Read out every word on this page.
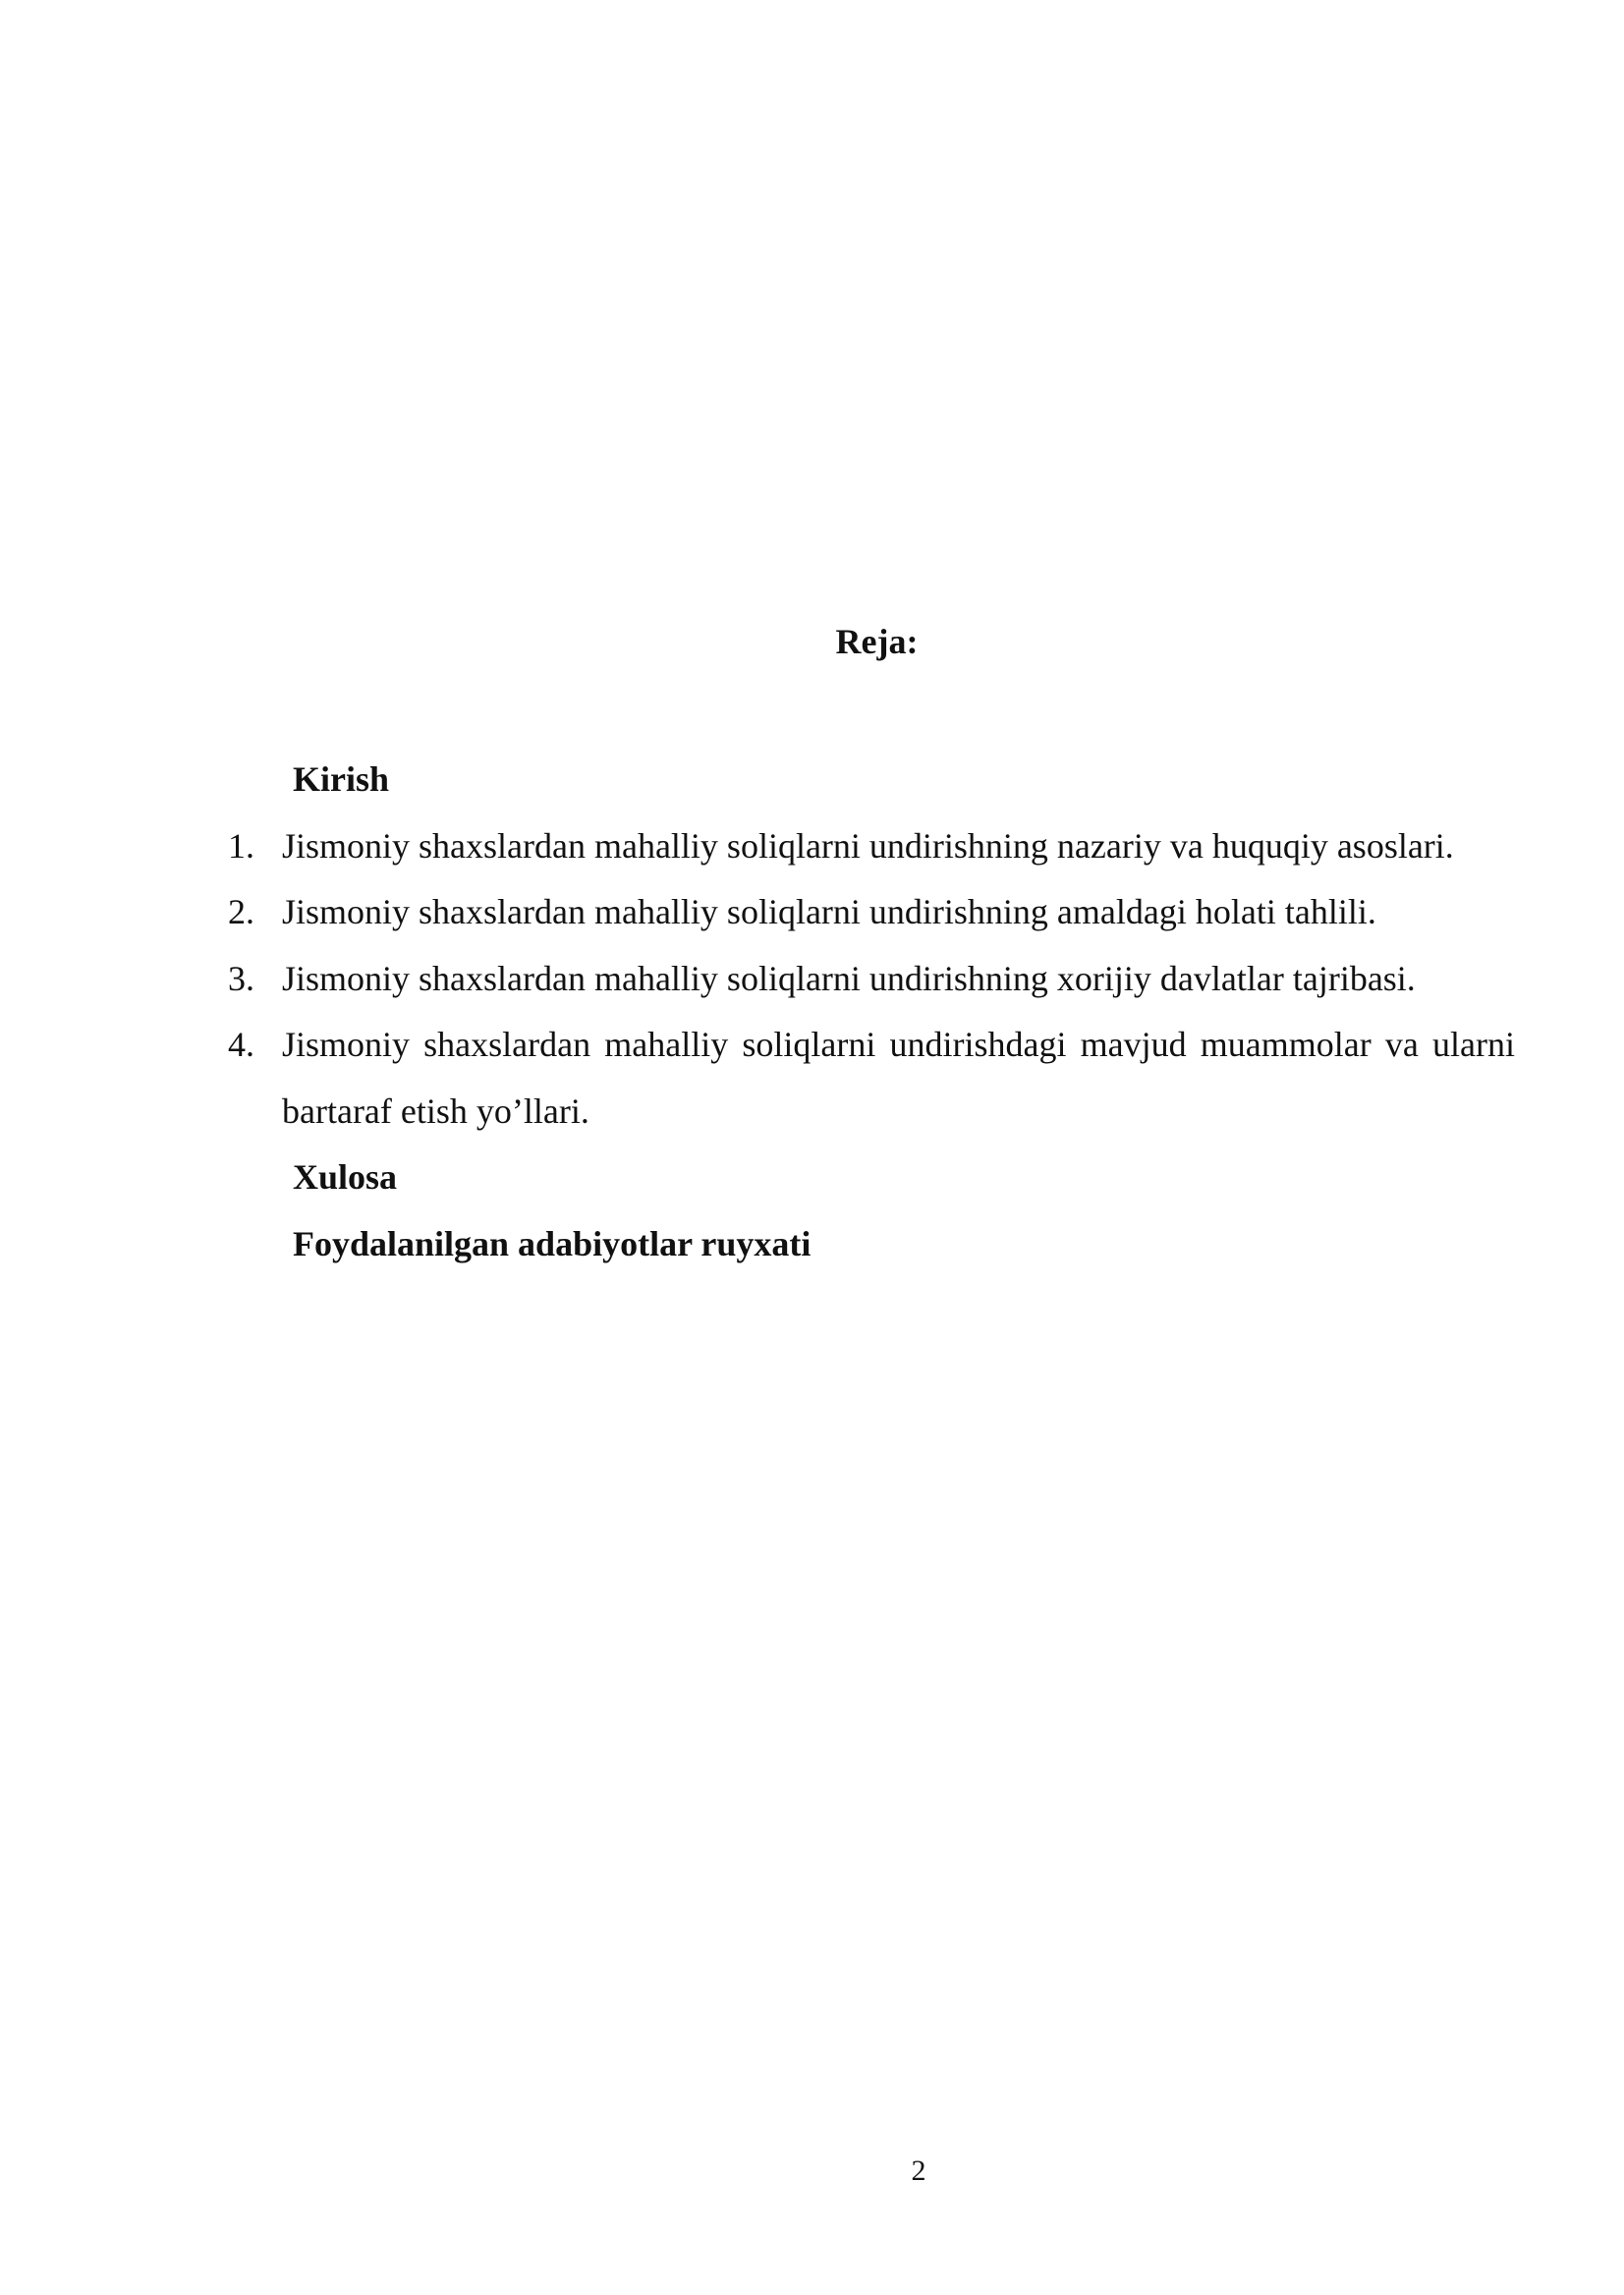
Reja:
Kirish
1. Jismoniy shaxslardan mahalliy soliqlarni undirishning nazariy va huquqiy asoslari.
2. Jismoniy shaxslardan mahalliy soliqlarni undirishning amaldagi holati tahlili.
3. Jismoniy shaxslardan mahalliy soliqlarni undirishning xorijiy davlatlar tajribasi.
4. Jismoniy shaxslardan mahalliy soliqlarni undirishdagi mavjud muammolar va ularni bartaraf etish yo’llari.
Xulosa
Foydalanilgan adabiyotlar ruyxati
2
